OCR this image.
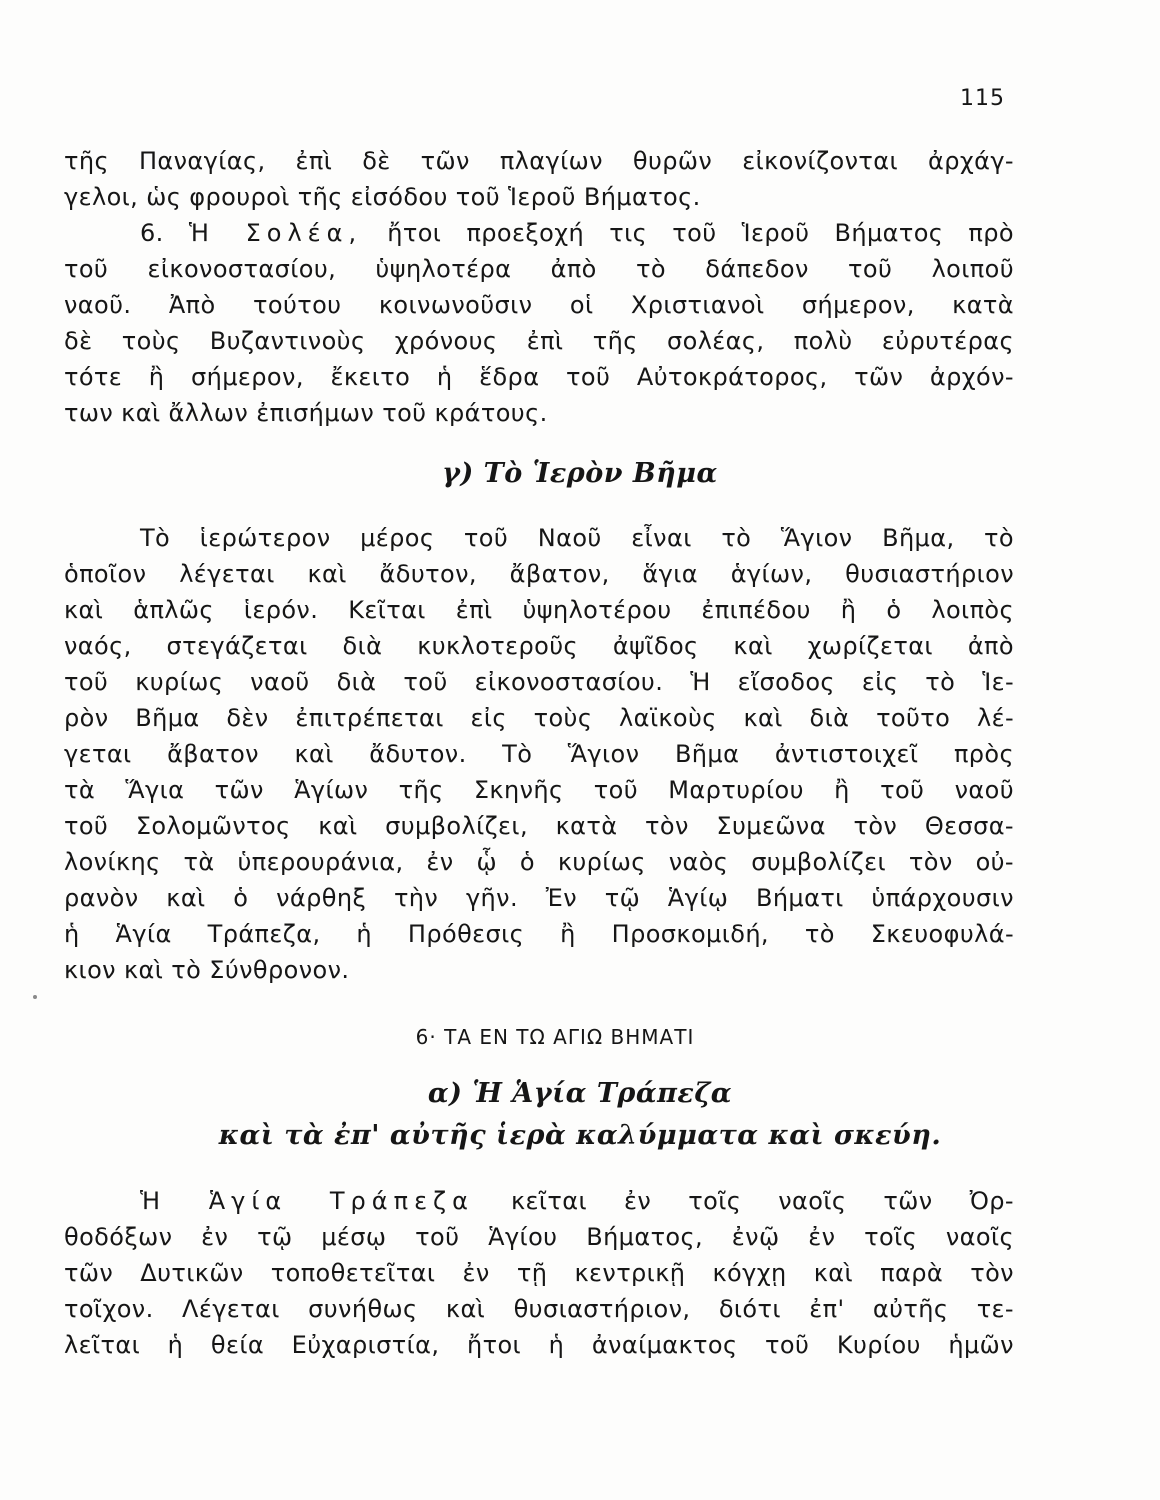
115
τῆς Παναγίας, ἐπὶ δὲ τῶν πλαγίων θυρῶν εἰκονίζονται ἀρχάγ-
γελοι, ὡς φρουροὶ τῆς εἰσόδου τοῦ Ἱεροῦ Βήματος.
6. Ἡ Σολέα, ἤτοι προεξοχή τις τοῦ Ἱεροῦ Βήματος πρὸ
τοῦ εἰκονοστασίου, ὑψηλοτέρα ἀπὸ τὸ δάπεδον τοῦ λοιποῦ
ναοῦ. Ἀπὸ τούτου κοινωνοῦσιν οἱ Χριστιανοὶ σήμερον, κατὰ
δὲ τοὺς Βυζαντινοὺς χρόνους ἐπὶ τῆς σολέας, πολὺ εὐρυτέρας
τότε ἢ σήμερον, ἔκειτο ἡ ἕδρα τοῦ Αὐτοκράτορος, τῶν ἀρχόν-
των καὶ ἄλλων ἐπισήμων τοῦ κράτους.
γ) Τὸ Ἱερὸν Βῆμα
Τὸ ἱερώτερον μέρος τοῦ Ναοῦ εἶναι τὸ Ἅγιον Βῆμα, τὸ
ὁποῖον λέγεται καὶ ἄδυτον, ἄβατον, ἅγια ἁγίων, θυσιαστήριον
καὶ ἁπλῶς ἱερόν. Κεῖται ἐπὶ ὑψηλοτέρου ἐπιπέδου ἢ ὁ λοιπὸς
ναός, στεγάζεται διὰ κυκλοτεροῦς ἀψῖδος καὶ χωρίζεται ἀπὸ
τοῦ κυρίως ναοῦ διὰ τοῦ εἰκονοστασίου. Ἡ εἴσοδος εἰς τὸ Ἱε-
ρὸν Βῆμα δὲν ἐπιτρέπεται εἰς τοὺς λαϊκοὺς καὶ διὰ τοῦτο λέ-
γεται ἄβατον καὶ ἄδυτον. Τὸ Ἅγιον Βῆμα ἀντιστοιχεῖ πρὸς
τὰ Ἅγια τῶν Ἁγίων τῆς Σκηνῆς τοῦ Μαρτυρίου ἢ τοῦ ναοῦ
τοῦ Σολομῶντος καὶ συμβολίζει, κατὰ τὸν Συμεῶνα τὸν Θεσσα-
λονίκης τὰ ὑπερουράνια, ἐν ᾧ ὁ κυρίως ναὸς συμβολίζει τὸν οὐ-
ρανὸν καὶ ὁ νάρθηξ τὴν γῆν. Ἐν τῷ Ἁγίῳ Βήματι ὑπάρχουσιν
ἡ Ἁγία Τράπεζα, ἡ Πρόθεσις ἢ Προσκομιδή, τὸ Σκευοφυλά-
κιον καὶ τὸ Σύνθρονον.
6· ΤΑ ΕΝ ΤΩ ΑΓΙΩ ΒΗΜΑΤΙ
α) Ἡ Ἁγία Τράπεζα
καὶ τὰ ἐπ' αὐτῆς ἱερὰ καλύμματα καὶ σκεύη.
Ἡ Ἁγία Τράπεζα κεῖται ἐν τοῖς ναοῖς τῶν Ὀρ-
θοδόξων ἐν τῷ μέσῳ τοῦ Ἁγίου Βήματος, ἐνῷ ἐν τοῖς ναοῖς
τῶν Δυτικῶν τοποθετεῖται ἐν τῇ κεντρικῇ κόγχῃ καὶ παρὰ τὸν
τοῖχον. Λέγεται συνήθως καὶ θυσιαστήριον, διότι ἐπ' αὐτῆς τε-
λεῖται ἡ θεία Εὐχαριστία, ἤτοι ἡ ἀναίμακτος τοῦ Κυρίου ἡμῶν
